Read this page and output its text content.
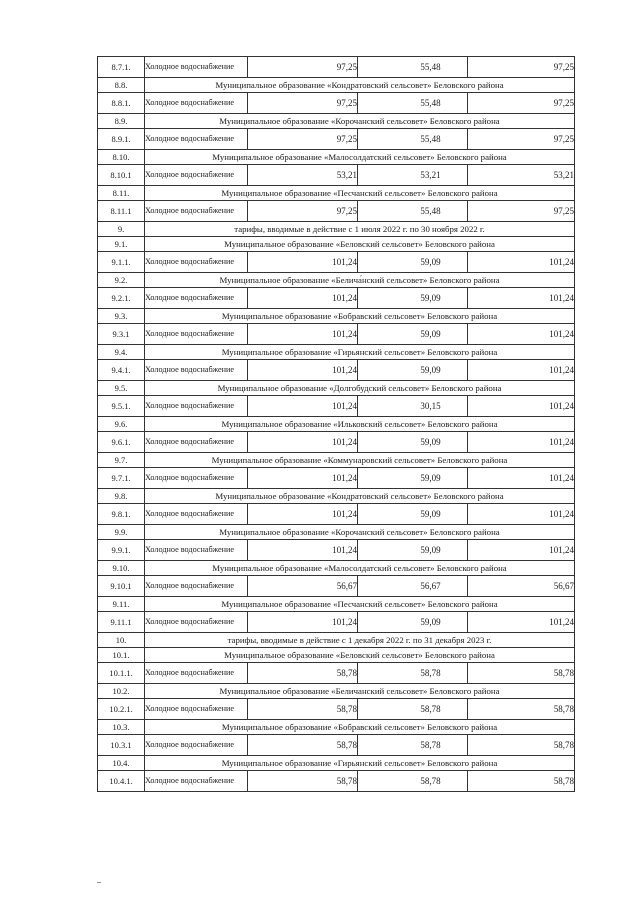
8.7.1.	Холодное водоснабжение	97,25	55,48	97,25
8.8.	Муниципальное образование «Кондратовский сельсовет» Беловского района			
8.8.1.	Холодное водоснабжение	97,25	55,48	97,25
8.9.	Муниципальное образование «Корочанский сельсовет» Беловского района			
8.9.1.	Холодное водоснабжение	97,25	55,48	97,25
8.10.	Муниципальное образование «Малосолдатский сельсовет» Беловского района			
8.10.1	Холодное водоснабжение	53,21	53,21	53,21
8.11.	Муниципальное образование «Песчанский сельсовет» Беловского района			
8.11.1	Холодное водоснабжение	97,25	55,48	97,25
9.	тарифы, вводимые в действие с 1 июля 2022 г. по 30 ноября 2022 г.			
9.1.	Муниципальное образование «Беловский сельсовет» Беловского района			
9.1.1.	Холодное водоснабжение	101,24	59,09	101,24
9.2.	Муниципальное образование «Белича́нский сельсовет» Беловского района			
9.2.1.	Холодное водоснабжение	101,24	59,09	101,24
9.3.	Муниципальное образование «Бобравский сельсовет» Беловского района			
9.3.1	Холодное водоснабжение	101,24	59,09	101,24
9.4.	Муниципальное образование «Гирьянский сельсовет» Беловского района			
9.4.1.	Холодное водоснабжение	101,24	59,09	101,24
9.5.	Муниципальное образование «Долгобудский сельсовет» Беловского района			
9.5.1.	Холодное водоснабжение	101,24	30,15	101,24
9.6.	Муниципальное образование «Ильковский сельсовет» Беловского района			
9.6.1.	Холодное водоснабжение	101,24	59,09	101,24
9.7.	Муниципальное образование «Коммунаровский сельсовет» Беловского района			
9.7.1.	Холодное водоснабжение	101,24	59,09	101,24
9.8.	Муниципальное образование «Кондратовский сельсовет» Беловского района			
9.8.1.	Холодное водоснабжение	101,24	59,09	101,24
9.9.	Муниципальное образование «Корочанский сельсовет» Беловского района			
9.9.1.	Холодное водоснабжение	101,24	59,09	101,24
9.10.	Муниципальное образование «Малосолдатский сельсовет» Беловского района			
9.10.1	Холодное водоснабжение	56,67	56,67	56,67
9.11.	Муниципальное образование «Песчанский сельсовет» Беловского района			
9.11.1	Холодное водоснабжение	101,24	59,09	101,24
10.	тарифы, вводимые в действие с 1 декабря 2022 г. по 31 декабря 2023 г.			
10.1.	Муниципальное образование «Беловский сельсовет» Беловского района			
10.1.1.	Холодное водоснабжение	58,78	58,78	58,78
10.2.	Муниципальное образование «Беличанский сельсовет» Беловского района			
10.2.1.	Холодное водоснабжение	58,78	58,78	58,78
10.3.	Муниципальное образование «Бобравский сельсовет» Беловского района			
10.3.1	Холодное водоснабжение	58,78	58,78	58,78
10.4.	Муниципальное образование «Гирьянский сельсовет» Беловского района			
10.4.1.	Холодное водоснабжение	58,78	58,78	58,78
